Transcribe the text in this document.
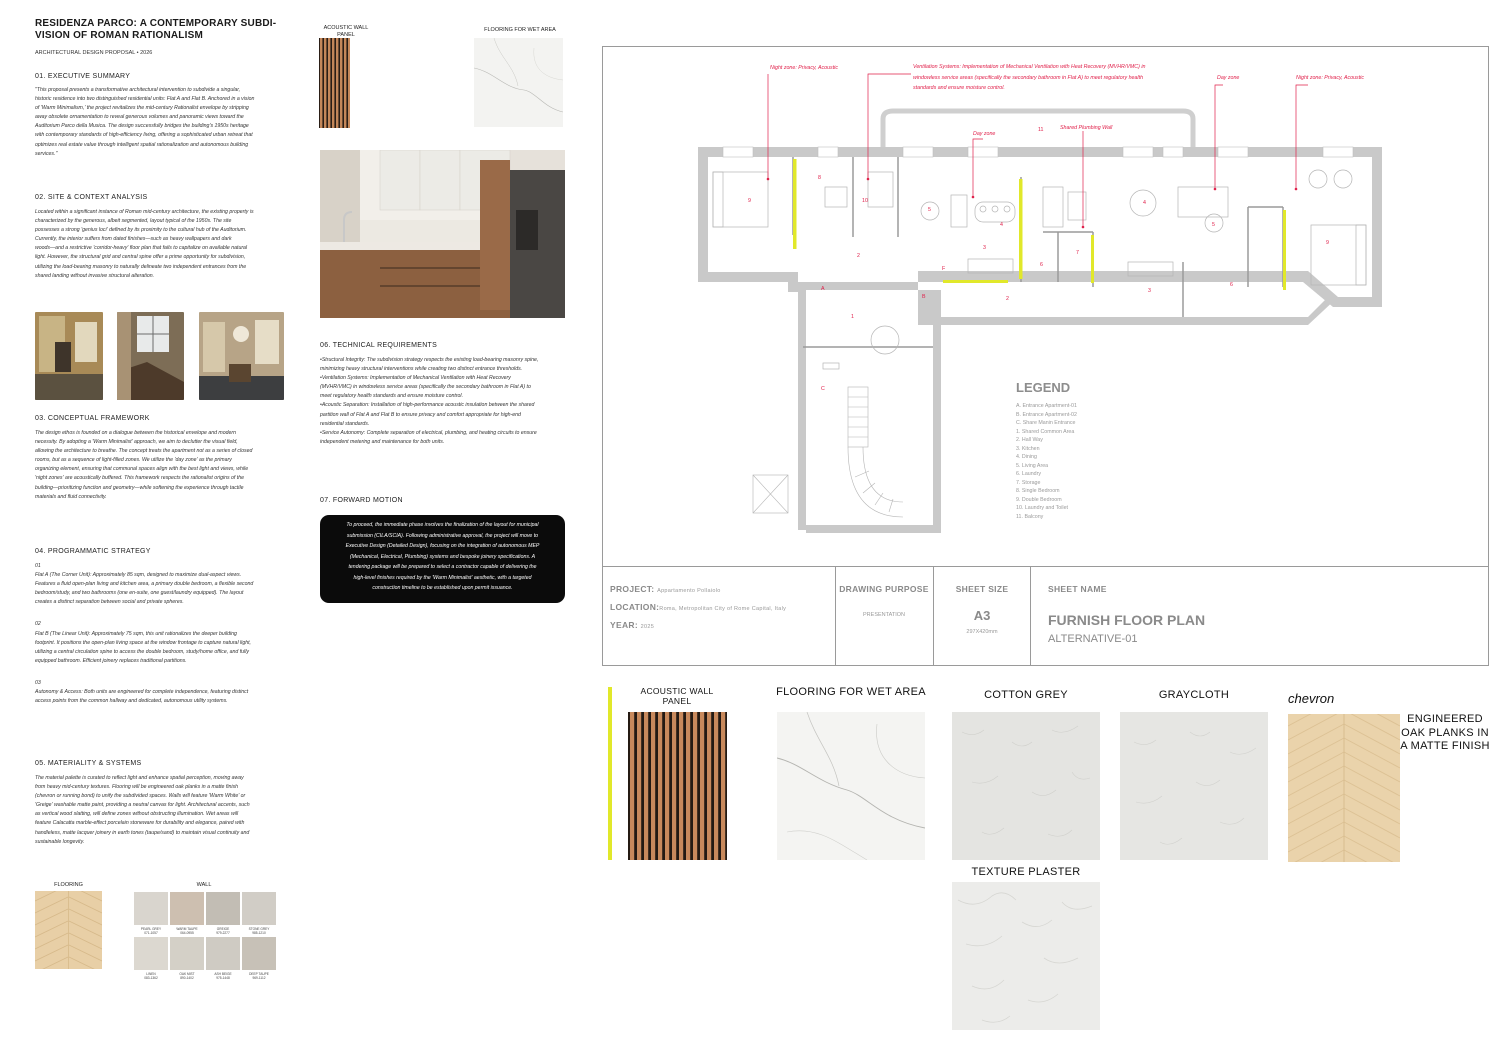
RESIDENZA PARCO: A CONTEMPORARY SUBDI-VISION OF ROMAN RATIONALISM
ARCHITECTURAL DESIGN PROPOSAL • 2026
01. EXECUTIVE SUMMARY
"This proposal presents a transformative architectural intervention to subdivide a singular,
historic residence into two distinguished residential units: Flat A and Flat B. Anchored in a vision
of 'Warm Minimalism,' the project revitalizes the mid-century Rationalist envelope by stripping
away obsolete ornamentation to reveal generous volumes and panoramic views toward the
Auditorium Parco della Musica. The design successfully bridges the building's 1950s heritage
with contemporary standards of high-efficiency living, offering a sophisticated urban retreat that
optimizes real estate value through intelligent spatial rationalization and autonomous building
services."
02. SITE & CONTEXT ANALYSIS
Located within a significant instance of Roman mid-century architecture, the existing property is
characterized by the generous, albeit segmented, layout typical of the 1950s. The site
possesses a strong 'genius loci' defined by its proximity to the cultural hub of the Auditorium.
Currently, the interior suffers from dated finishes—such as heavy wallpapers and dark
woods—and a restrictive 'corridor-heavy' floor plan that fails to capitalize on available natural
light. However, the structural grid and central spine offer a prime opportunity for subdivision,
utilizing the load-bearing masonry to naturally delineate two independent entrances from the
shared landing without invasive structural alteration.
03. CONCEPTUAL FRAMEWORK
The design ethos is founded on a dialogue between the historical envelope and modern
necessity. By adopting a 'Warm Minimalist' approach, we aim to declutter the visual field,
allowing the architecture to breathe. The concept treats the apartment not as a series of closed
rooms, but as a sequence of light-filled zones. We utilize the 'day zone' as the primary
organizing element, ensuring that communal spaces align with the best light and views, while
'night zones' are acoustically buffered. This framework respects the rationalist origins of the
building—prioritizing function and geometry—while softening the experience through tactile
materials and fluid connectivity.
04. PROGRAMMATIC STRATEGY
01
Flat A (The Corner Unit): Approximately 85 sqm, designed to maximize dual-aspect views.
Features a fluid open-plan living and kitchen area, a primary double bedroom, a flexible second
bedroom/study, and two bathrooms (one en-suite, one guest/laundry equipped). The layout
creates a distinct separation between social and private spheres.
02
Flat B (The Linear Unit): Approximately 75 sqm, this unit rationalizes the deeper building
footprint. It positions the open-plan living space at the window frontage to capture natural light,
utilizing a central circulation spine to access the double bedroom, study/home office, and fully
equipped bathroom. Efficient joinery replaces traditional partitions.
03
Autonomy & Access: Both units are engineered for complete independence, featuring distinct
access points from the common hallway and dedicated, autonomous utility systems.
05. MATERIALITY & SYSTEMS
The material palette is curated to reflect light and enhance spatial perception, moving away
from heavy mid-century textures. Flooring will be engineered oak planks in a matte finish
(chevron or running bond) to unify the subdivided spaces. Walls will feature 'Warm White' or
'Greige' washable matte paint, providing a neutral canvas for light. Architectural accents, such
as vertical wood slatting, will define zones without obstructing illumination. Wet areas will
feature Calacatta marble-effect porcelain stoneware for durability and elegance, paired with
handleless, matte lacquer joinery in earth tones (taupe/sand) to maintain visual continuity and
sustainable longevity.
FLOORING	WALL
PEARL GREY
071-1057
WARM TAUPE
064-0955
GREIGE
979-2277
STONE GREY
985-1210
LINEN
083-1362
OAK MIST
890-1402
ASH BEIGE
975-1448
DEEP TAUPE
969-1112
ACOUSTIC WALL PANEL
FLOORING FOR WET AREA
06. TECHNICAL REQUIREMENTS
•Structural Integrity: The subdivision strategy respects the existing load-bearing masonry spine,
minimizing heavy structural interventions while creating two distinct entrance thresholds.
•Ventilation Systems: Implementation of Mechanical Ventilation with Heat Recovery
(MVHR/VMC) in windowless service areas (specifically the secondary bathroom in Flat A) to
meet regulatory health standards and ensure moisture control.
•Acoustic Separation: Installation of high-performance acoustic insulation between the shared
partition wall of Flat A and Flat B to ensure privacy and comfort appropriate for high-end
residential standards.
•Service Autonomy: Complete separation of electrical, plumbing, and heating circuits to ensure
independent metering and maintenance for both units.
07. FORWARD MOTION
To proceed, the immediate phase involves the finalization of the layout for municipal
submission (CILA/SCIA). Following administrative approval, the project will move to
Executive Design (Detailed Design), focusing on the integration of autonomous MEP
(Mechanical, Electrical, Plumbing) systems and bespoke joinery specifications. A
tendering package will be prepared to select a contractor capable of delivering the
high-level finishes required by the 'Warm Minimalist' aesthetic, with a targeted
construction timeline to be established upon permit issuance.
9
8
10
5
11
4
4
5
9
2
3
6
7
2
3
6
1
A
B
C
F
Night zone: Privacy, Acoustic	Ventilation Systems: Implementation of Mechanical Ventilation with Heat Recovery (MVHR/VMC) in
windowless service areas (specifically the secondary bathroom in Flat A) to meet regulatory health
standards and ensure moisture control.
Day zone
Shared Plumbing Wall
Day zone	Night zone: Privacy, Acoustic
LEGEND
A. Entrance Apartment-01
B. Entrance Apartment-02
C. Share Manin Entrance
1. Shared Common Area
2. Hall Way
3. Kitchen
4. Dining
5. Living Area
6. Laundry
7. Storage
8. Single Bedroom
9. Double Bedroom
10. Laundry and Toilet
11. Balcony
PROJECT: Appartamento Pollaiolo
LOCATION:Roma, Metropolitan City of Rome Capital, Italy
YEAR: 2025
DRAWING PURPOSE
PRESENTATION
SHEET SIZE
A3
297X420mm
SHEET NAME
FURNISH FLOOR PLAN
ALTERNATIVE-01
ACOUSTIC WALL PANEL
FLOORING FOR WET AREA	COTTON GREY	GRAYCLOTH	chevron
ENGINEERED OAK PLANKS IN A MATTE FINISH
TEXTURE PLASTER
